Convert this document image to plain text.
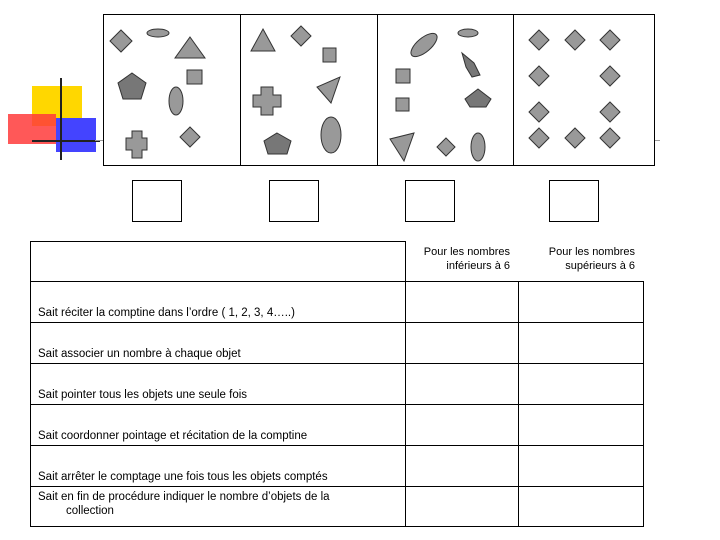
Sait réciter la comptine dans l’ordre ( 1, 2, 3, 4…..)
Sait associer un nombre à chaque objet
Sait pointer tous les objets une seule fois
Sait coordonner pointage et récitation de la comptine
Sait arrêter le comptage une fois tous les objets comptés
Sait en fin de procédure indiquer le nombre d’objets de la collection
Pour les nombres
inférieurs à 6
Pour les nombres
supérieurs à 6
